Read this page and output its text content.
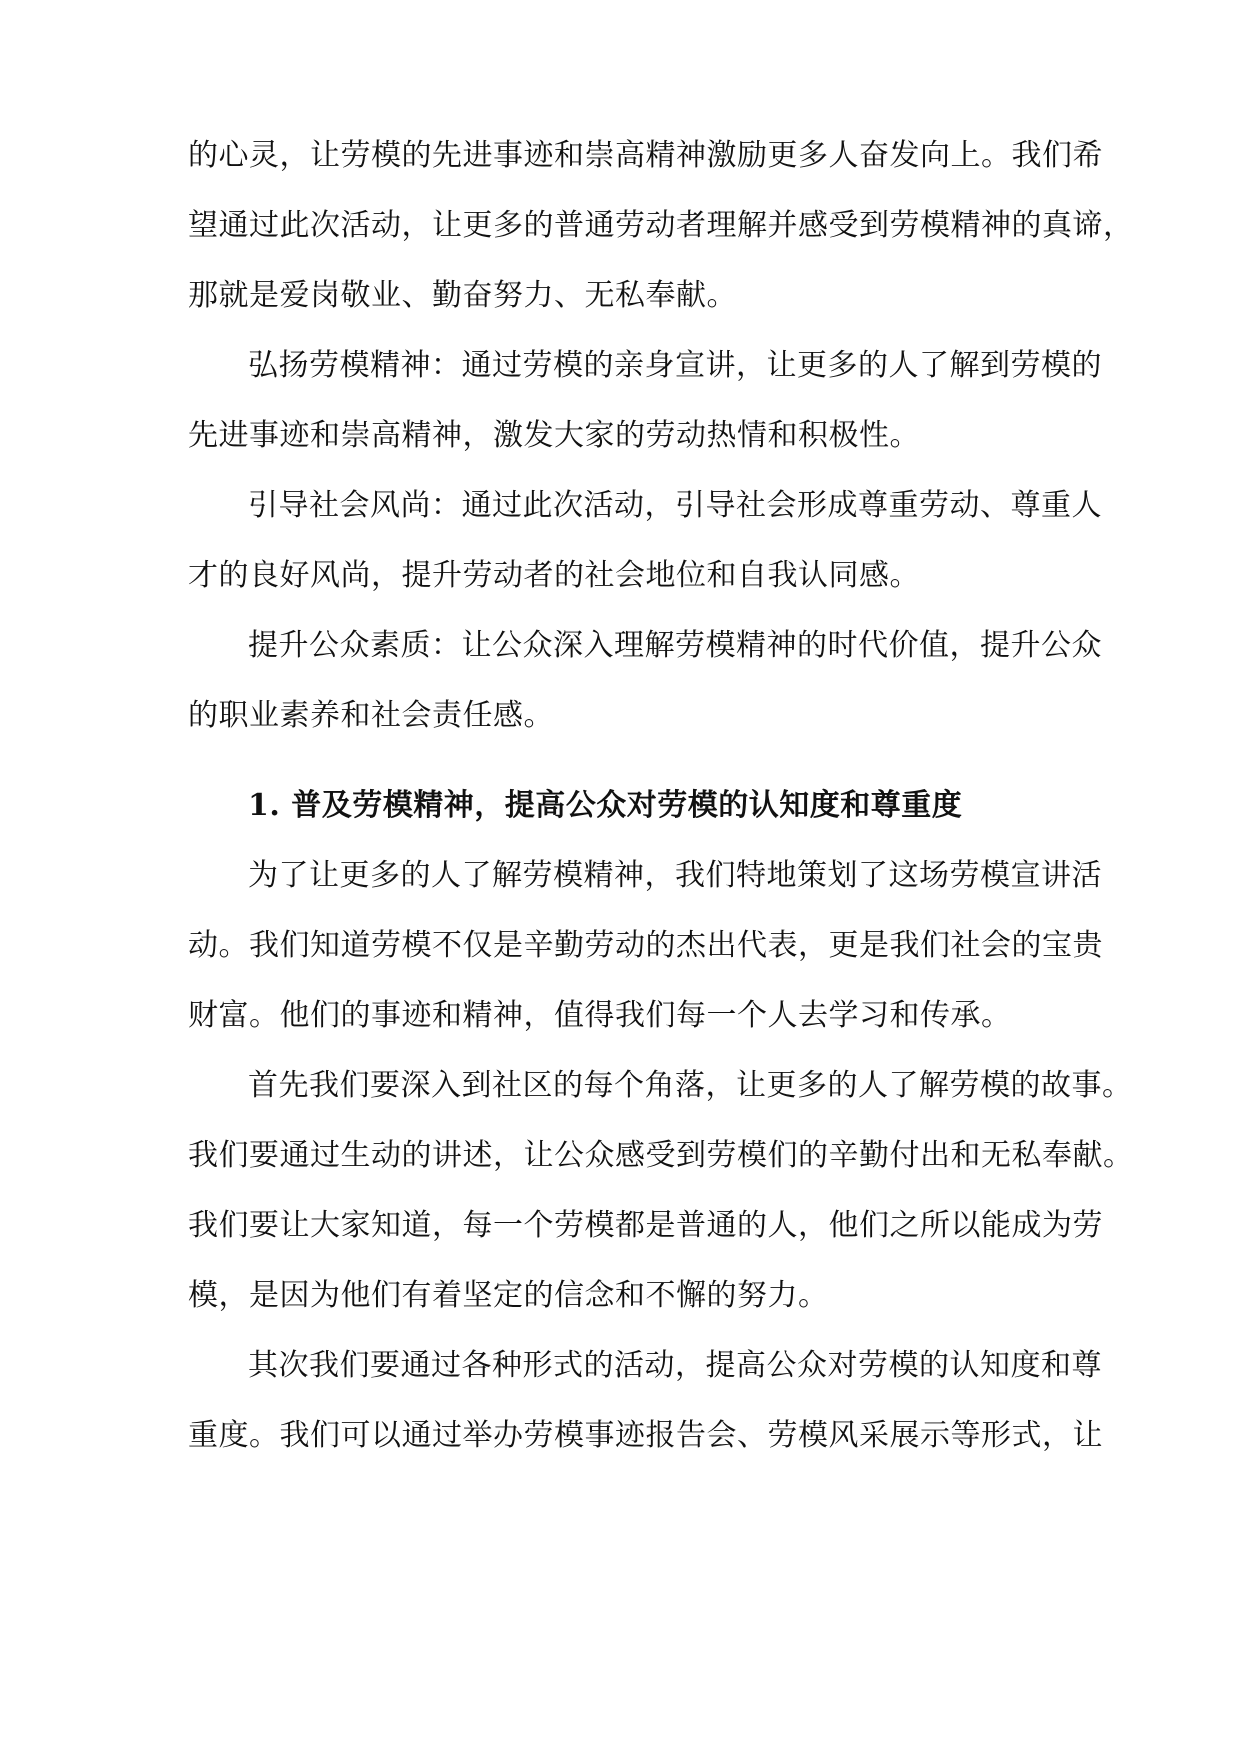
的心灵，让劳模的先进事迹和崇高精神激励更多人奋发向上。我们希
望通过此次活动，让更多的普通劳动者理解并感受到劳模精神的真谛，
那就是爱岗敬业、勤奋努力、无私奉献。
弘扬劳模精神：通过劳模的亲身宣讲，让更多的人了解到劳模的
先进事迹和崇高精神，激发大家的劳动热情和积极性。
引导社会风尚：通过此次活动，引导社会形成尊重劳动、尊重人
才的良好风尚，提升劳动者的社会地位和自我认同感。
提升公众素质：让公众深入理解劳模精神的时代价值，提升公众
的职业素养和社会责任感。
1. 普及劳模精神，提高公众对劳模的认知度和尊重度
为了让更多的人了解劳模精神，我们特地策划了这场劳模宣讲活
动。我们知道劳模不仅是辛勤劳动的杰出代表，更是我们社会的宝贵
财富。他们的事迹和精神，值得我们每一个人去学习和传承。
首先我们要深入到社区的每个角落，让更多的人了解劳模的故事。
我们要通过生动的讲述，让公众感受到劳模们的辛勤付出和无私奉献。
我们要让大家知道，每一个劳模都是普通的人，他们之所以能成为劳
模，是因为他们有着坚定的信念和不懈的努力。
其次我们要通过各种形式的活动，提高公众对劳模的认知度和尊
重度。我们可以通过举办劳模事迹报告会、劳模风采展示等形式，让
